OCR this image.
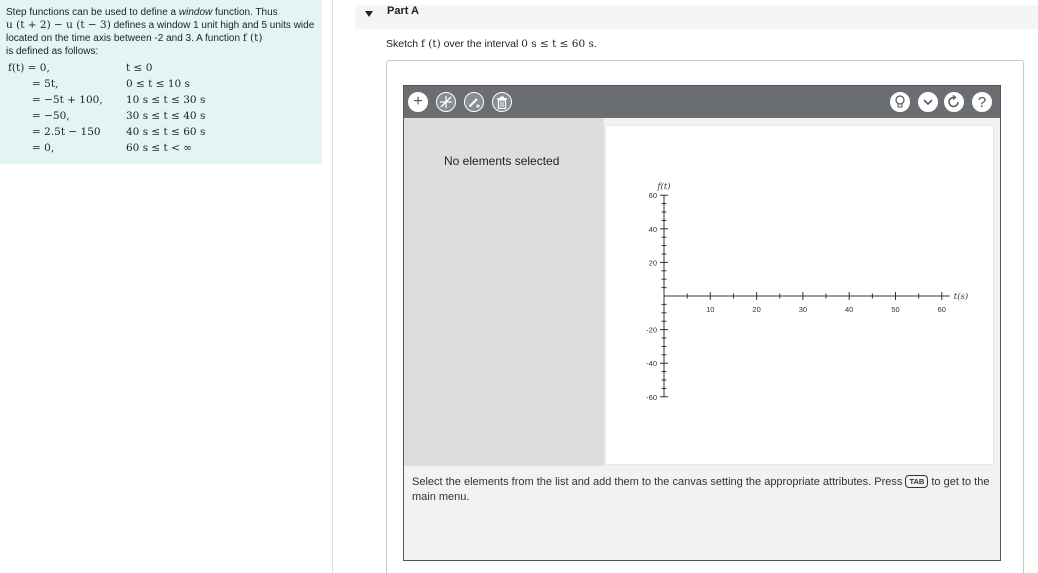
Step functions can be used to define a window function. Thus
u (t + 2) − u (t − 3) defines a window 1 unit high and 5 units wide located on the time axis between -2 and 3. A function f (t)
is defined as follows:
f(t) = 0,	t ≤ 0
= 5t,	0 ≤ t ≤ 10 s
= −5t + 100,	10 s ≤ t ≤ 30 s
= −50,	30 s ≤ t ≤ 40 s
= 2.5t − 150	40 s ≤ t ≤ 60 s
= 0,	60 s ≤ t < ∞
Part A
Sketch f (t) over the interval 0 s ≤ t ≤ 60 s.
+	?
No elements selected
10	20	30	40	50	60
60
40
20
-20
-40
-60
f(t)
t(s)
Select the elements from the list and add them to the canvas setting the appropriate attributes. Press TAB to get to the main menu.
